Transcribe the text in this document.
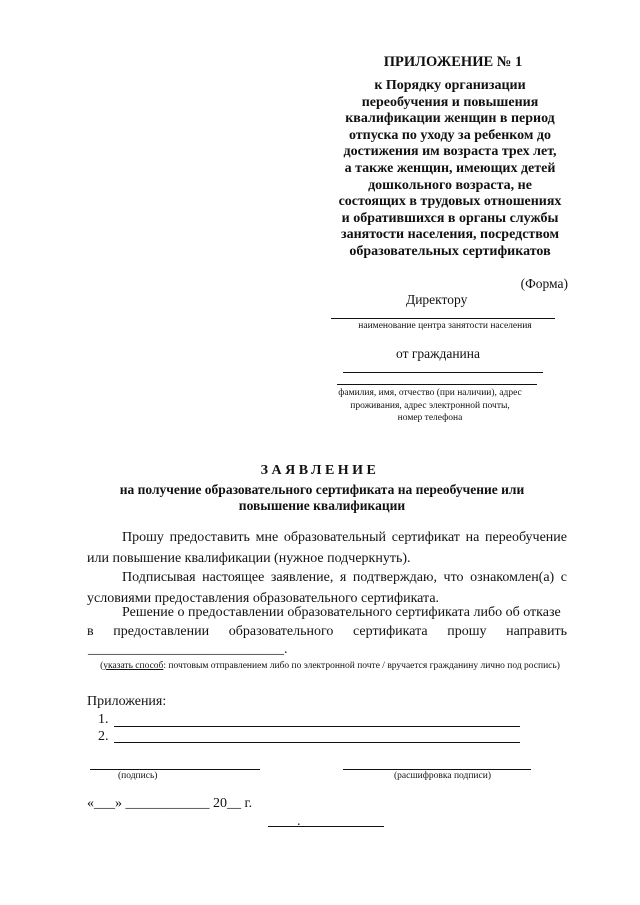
ПРИЛОЖЕНИЕ № 1
к Порядку организации
переобучения и повышения
квалификации женщин в период
отпуска по уходу за ребенком до
достижения им возраста трех лет,
а также женщин, имеющих детей
дошкольного возраста, не
состоящих в трудовых отношениях
и обратившихся в органы службы
занятости населения, посредством
образовательных сертификатов
(Форма)
Директору
наименование центра занятости населения
от гражданина
фамилия, имя, отчество (при наличии), адрес
проживания, адрес электронной почты,
номер телефона
ЗАЯВЛЕНИЕ
на получение образовательного сертификата на переобучение или
повышение квалификации
Прошу предоставить мне образовательный сертификат на переобучение или повышение квалификации (нужное подчеркнуть).
Подписывая настоящее заявление, я подтверждаю, что ознакомлен(а) с условиями предоставления образовательного сертификата.
Решение о предоставлении образовательного сертификата либо об отказе
в предоставлении образовательного сертификата прошу направить
____________________________.
(указать способ: почтовым отправлением либо по электронной почте / вручается гражданину лично под роспись)
Приложения:
1.
2.
(подпись)	(расшифровка подписи)
«___» ____________ 20__ г.
.
